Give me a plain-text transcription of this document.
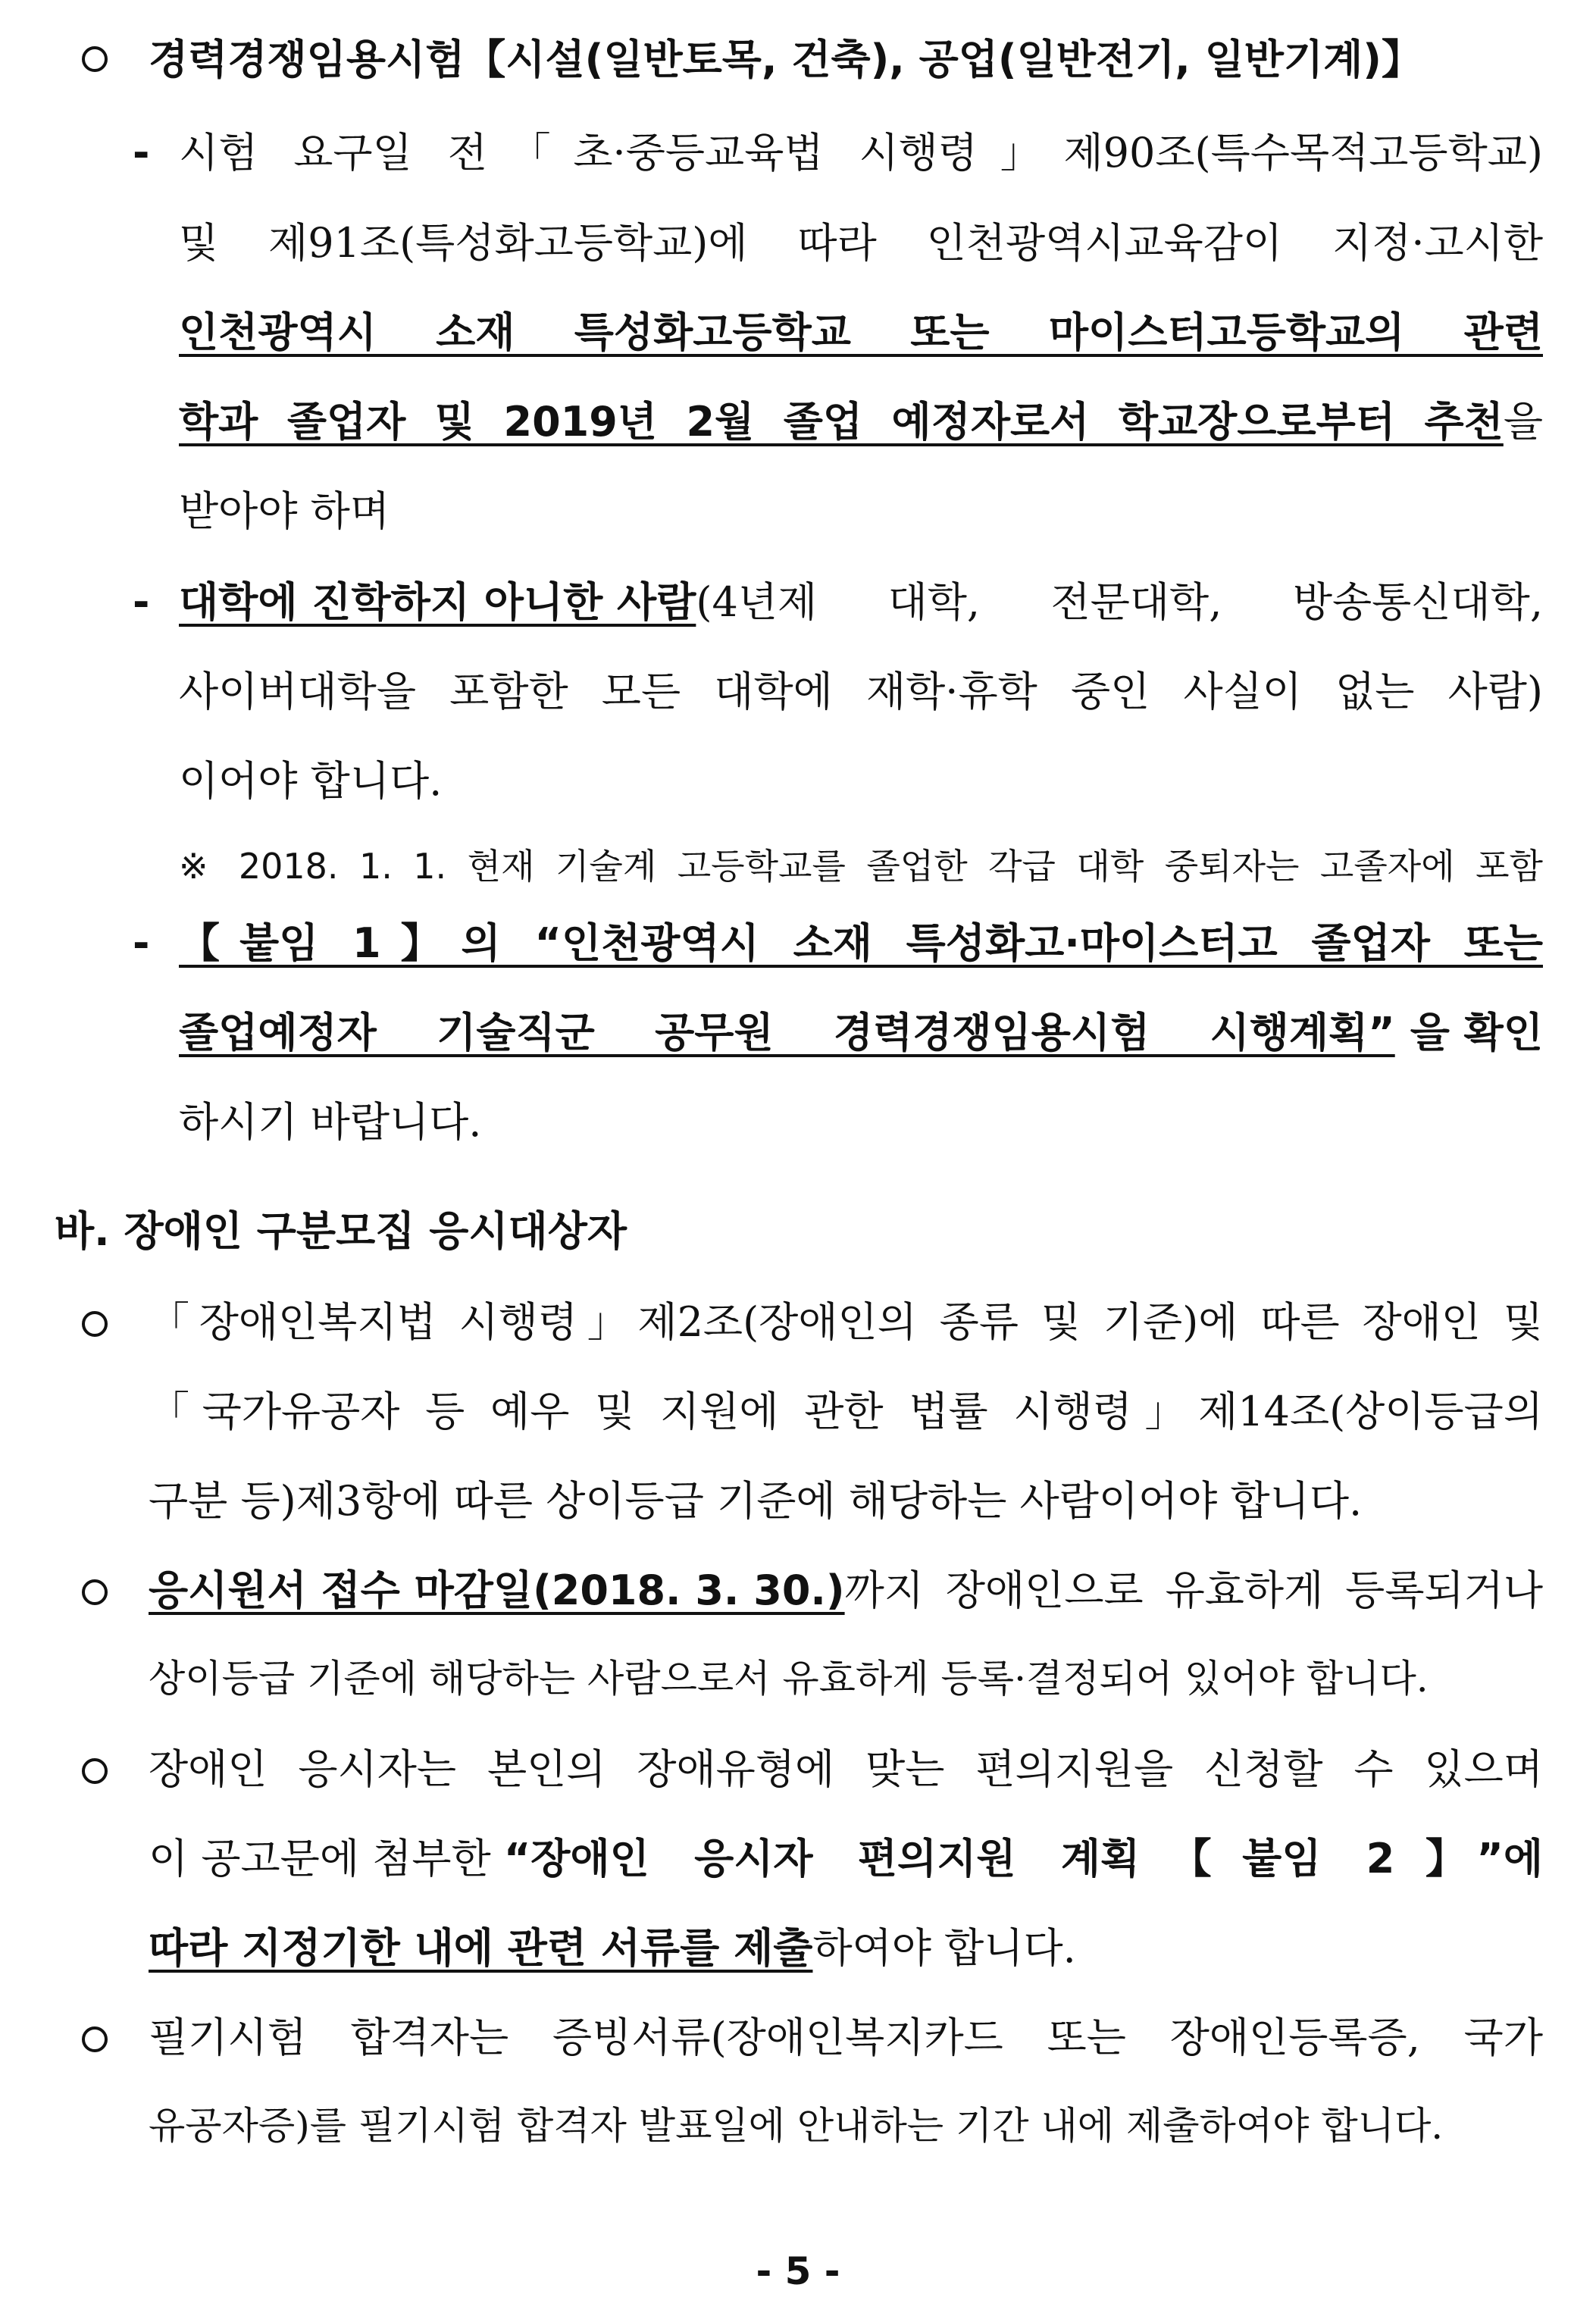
경력경쟁임용시험【시설(일반토목, 건축), 공업(일반전기, 일반기계)】
- 시험 요구일 전「초·중등교육법 시행령」제90조(특수목적고등학교)
및 제91조(특성화고등학교)에 따라 인천광역시교육감이 지정·고시한
인천광역시 소재 특성화고등학교 또는 마이스터고등학교의 관련
학과 졸업자 및 2019년 2월 졸업 예정자로서 학교장으로부터 추천 을
받아야 하며
- 대학에 진학하지 아니한 사람 (4년제 대학, 전문대학, 방송통신대학,
사이버대학을 포함한 모든 대학에 재학·휴학 중인 사실이 없는 사람)
이어야 합니다.
※ 2018. 1. 1. 현재 기술계 고등학교를 졸업한 각급 대학 중퇴자는 고졸자에 포함
- 【붙임 1】의 “인천광역시 소재 특성화고·마이스터고 졸업자 또는
졸업예정자 기술직군 공무원 경력경쟁임용시험 시행계획” 을 확인
하시기 바랍니다.
바. 장애인 구분모집 응시대상자
「장애인복지법 시행령」제2조(장애인의 종류 및 기준)에 따른 장애인 및
「국가유공자 등 예우 및 지원에 관한 법률 시행령」제14조(상이등급의
구분 등)제3항에 따른 상이등급 기준에 해당하는 사람이어야 합니다.
응시원서 접수 마감일(2018. 3. 30.) 까지 장애인으로 유효하게 등록되거나
상이등급 기준에 해당하는 사람으로서 유효하게 등록·결정되어 있어야 합니다.
장애인 응시자는 본인의 장애유형에 맞는 편의지원을 신청할 수 있으며
이 공고문에 첨부한 “장애인 응시자 편의지원 계획【붙임 2】”에
따라 지정기한 내에 관련 서류를 제출 하여야 합니다.
필기시험 합격자는 증빙서류(장애인복지카드 또는 장애인등록증, 국가
유공자증)를 필기시험 합격자 발표일에 안내하는 기간 내에 제출하여야 합니다.
- 5 -
